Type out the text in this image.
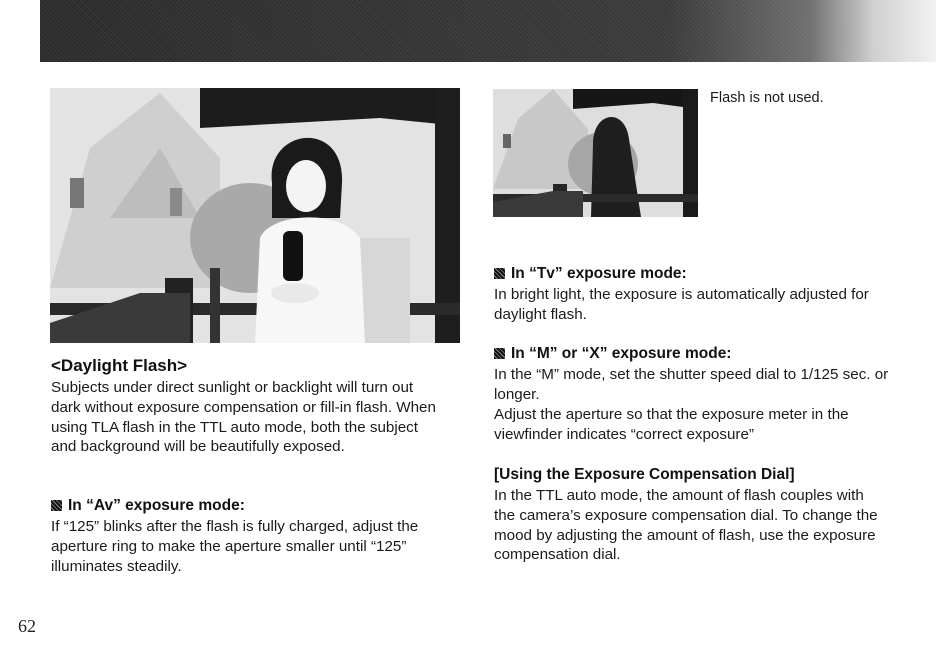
Flash is not used.
<Daylight Flash>
Subjects under direct sunlight or backlight will turn out dark without exposure compensation or fill-in flash. When using TLA flash in the TTL auto mode, both the subject and background will be beautifully exposed.
In “Av” exposure mode:
If “125” blinks after the flash is fully charged, adjust the aperture ring to make the aperture smaller until “125” illuminates steadily.
In “Tv” exposure mode:
In bright light, the exposure is automatically adjusted for daylight flash.
In “M” or “X” exposure mode:
In the “M” mode, set the shutter speed dial to 1/125 sec. or longer.
Adjust the aperture so that the exposure meter in the viewfinder indicates “correct exposure”
[Using the Exposure Compensation Dial]
In the TTL auto mode, the amount of flash couples with the camera’s exposure compensation dial. To change the mood by adjusting the amount of flash, use the exposure compensation dial.
62
